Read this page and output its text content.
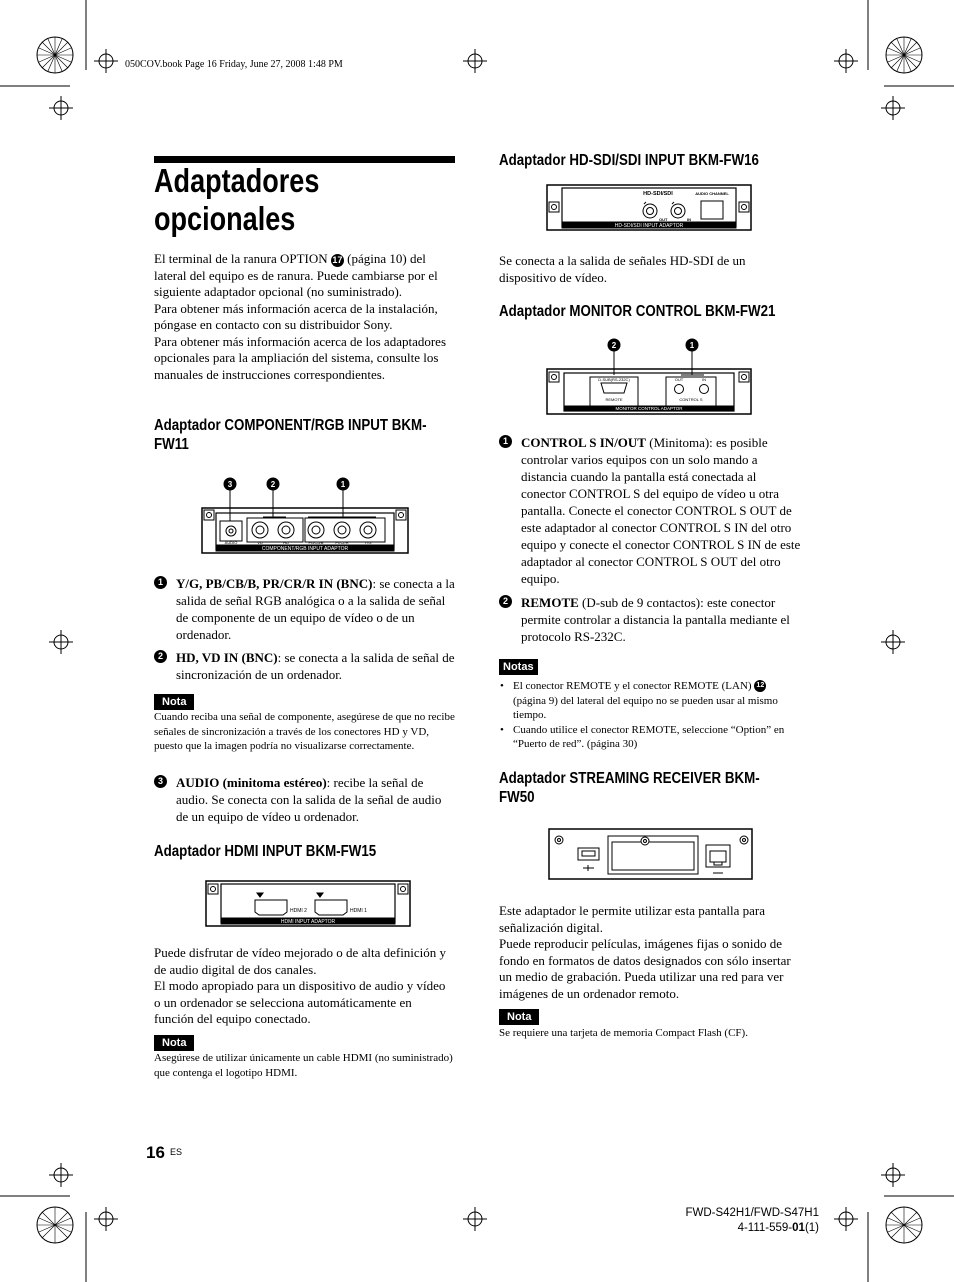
050COV.book Page 16 Friday, June 27, 2008 1:48 PM
Adaptadores
opcionales
El terminal de la ranura OPTION 17 (página 10) del lateral del equipo es de ranura. Puede cambiarse por el siguiente adaptador opcional (no suministrado).
Para obtener más información acerca de la instalación, póngase en contacto con su distribuidor Sony.
Para obtener más información acerca de los adaptadores opcionales para la ampliación del sistema, consulte los manuales de instrucciones correspondientes.
Adaptador COMPONENT/RGB INPUT BKM-FW11
3	2	1
AUDIO	VD	HD	Pb/Cb/B	Pr/Cr/R	Y/G
COMPONENT/RGB INPUT ADAPTOR
1	Y/G, PB/CB/B, PR/CR/R IN (BNC): se conecta a la salida de señal RGB analógica o a la salida de señal de componente de un equipo de vídeo o de un ordenador.
2	HD, VD IN (BNC): se conecta a la salida de señal de sincronización de un ordenador.
Nota
Cuando reciba una señal de componente, asegúrese de que no recibe señales de sincronización a través de los conectores HD y VD, puesto que la imagen podría no visualizarse correctamente.
3	AUDIO (minitoma estéreo): recibe la señal de audio. Se conecta con la salida de la señal de audio de un equipo de vídeo u ordenador.
Adaptador HDMI INPUT BKM-FW15
HDMI 2	HDMI 1
HDMI INPUT ADAPTOR
Puede disfrutar de vídeo mejorado o de alta definición y de audio digital de dos canales.
El modo apropiado para un dispositivo de audio y vídeo o un ordenador se selecciona automáticamente en función del equipo conectado.
Nota
Asegúrese de utilizar únicamente un cable HDMI (no suministrado) que contenga el logotipo HDMI.
Adaptador HD-SDI/SDI INPUT BKM-FW16
HD-SDI/SDI	AUDIO CHANNEL
OUT	IN
HD-SDI/SDI INPUT ADAPTOR
Se conecta a la salida de señales HD-SDI de un dispositivo de vídeo.
Adaptador MONITOR CONTROL BKM-FW21
2	1
D-SUB(RS-232C)
REMOTE
OUT	IN
CONTROL S
MONITOR CONTROL ADAPTOR
1	CONTROL S IN/OUT (Minitoma): es posible controlar varios equipos con un solo mando a distancia cuando la pantalla está conectada al conector CONTROL S del equipo de vídeo u otra pantalla. Conecte el conector CONTROL S OUT de este adaptador al conector CONTROL S IN del otro equipo y conecte el conector CONTROL S IN de este adaptador al conector CONTROL S OUT del otro equipo.
2	REMOTE (D-sub de 9 contactos): este conector permite controlar a distancia la pantalla mediante el protocolo RS-232C.
Notas
• El conector REMOTE y el conector REMOTE (LAN) 12 (página 9) del lateral del equipo no se pueden usar al mismo tiempo.
• Cuando utilice el conector REMOTE, seleccione “Option” en “Puerto de red”. (página 30)
Adaptador STREAMING RECEIVER BKM-FW50
Este adaptador le permite utilizar esta pantalla para señalización digital.
Puede reproducir películas, imágenes fijas o sonido de fondo en formatos de datos designados con sólo insertar un medio de grabación. Pueda utilizar una red para ver imágenes de un ordenador remoto.
Nota
Se requiere una tarjeta de memoria Compact Flash (CF).
16 ES
FWD-S42H1/FWD-S47H1
4-111-559-01(1)
